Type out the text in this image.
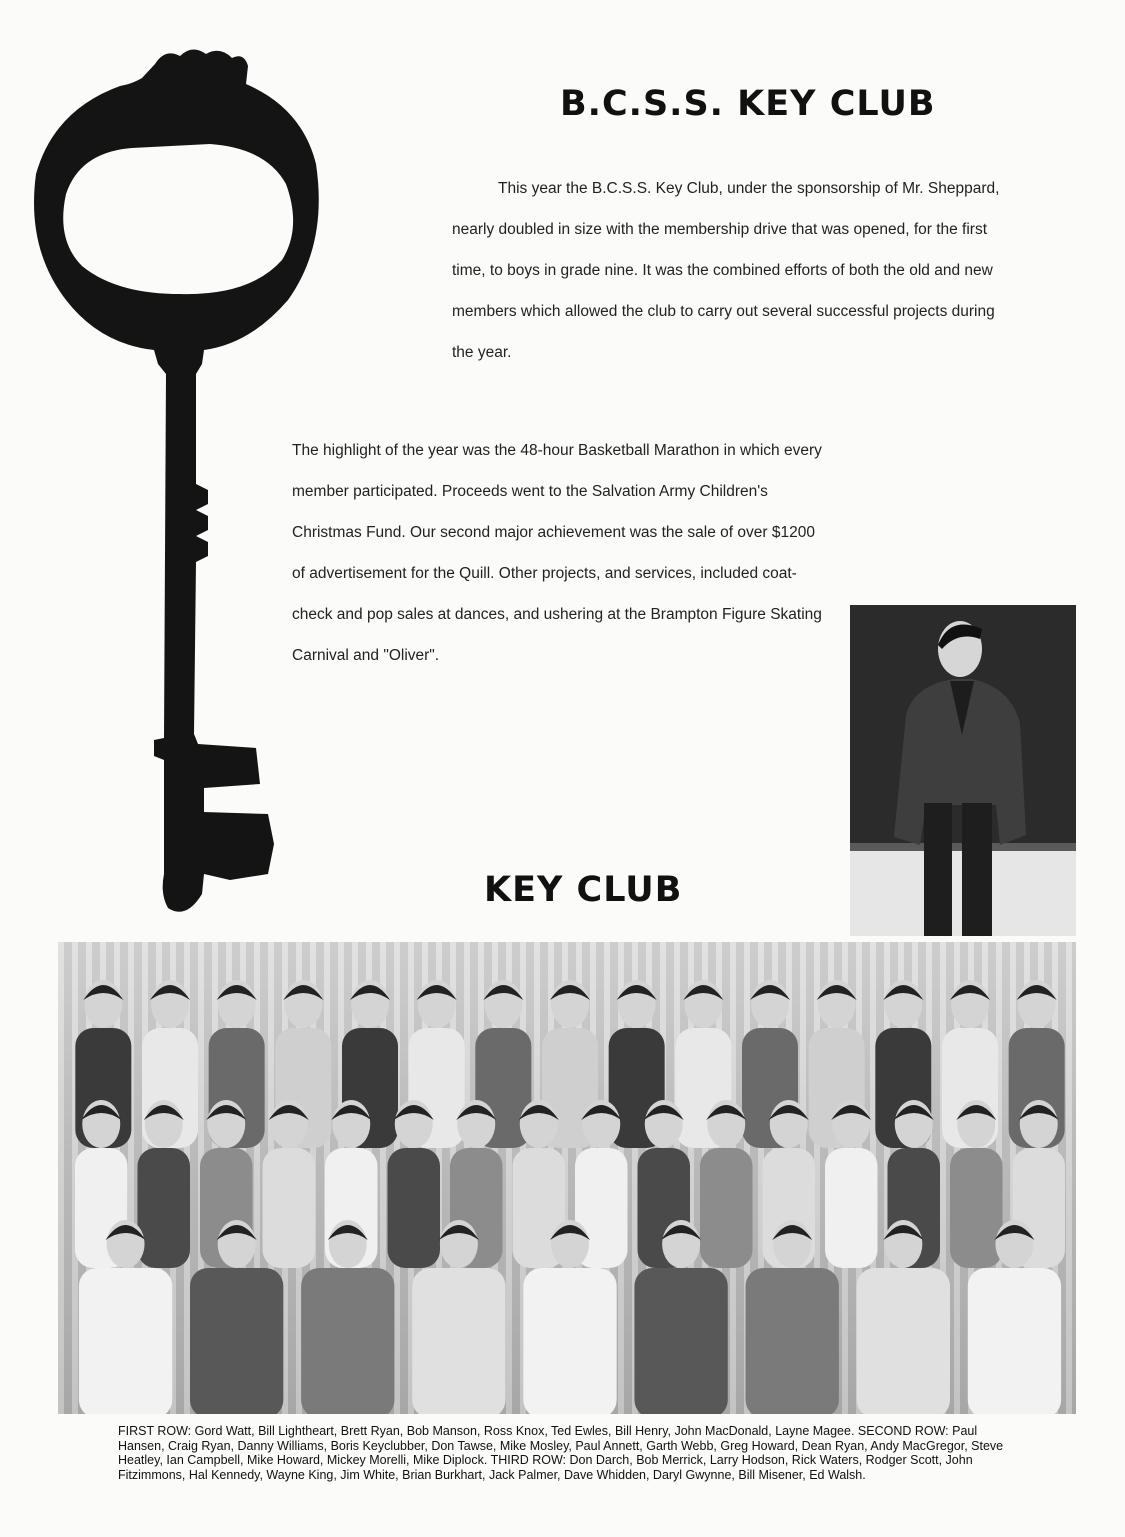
B.C.S.S. KEY CLUB

This year the B.C.S.S. Key Club, under the sponsorship of Mr. Sheppard, nearly doubled in size with the membership drive that was opened, for the first time, to boys in grade nine. It was the combined efforts of both the old and new members which allowed the club to carry out several successful projects during the year.

The highlight of the year was the 48-hour Basketball Marathon in which every member participated. Proceeds went to the Salvation Army Children's Christmas Fund. Our second major achievement was the sale of over $1200 of advertisement for the Quill. Other projects, and services, included coat-check and pop sales at dances, and ushering at the Brampton Figure Skating Carnival and "Oliver".

KEY CLUB

FIRST ROW: Gord Watt, Bill Lightheart, Brett Ryan, Bob Manson, Ross Knox, Ted Ewles, Bill Henry, John MacDonald, Layne Magee. SECOND ROW: Paul Hansen, Craig Ryan, Danny Williams, Boris Keyclubber, Don Tawse, Mike Mosley, Paul Annett, Garth Webb, Greg Howard, Dean Ryan, Andy MacGregor, Steve Heatley, Ian Campbell, Mike Howard, Mickey Morelli, Mike Diplock. THIRD ROW: Don Darch, Bob Merrick, Larry Hodson, Rick Waters, Rodger Scott, John Fitzimmons, Hal Kennedy, Wayne King, Jim White, Brian Burkhart, Jack Palmer, Dave Whidden, Daryl Gwynne, Bill Misener, Ed Walsh.
